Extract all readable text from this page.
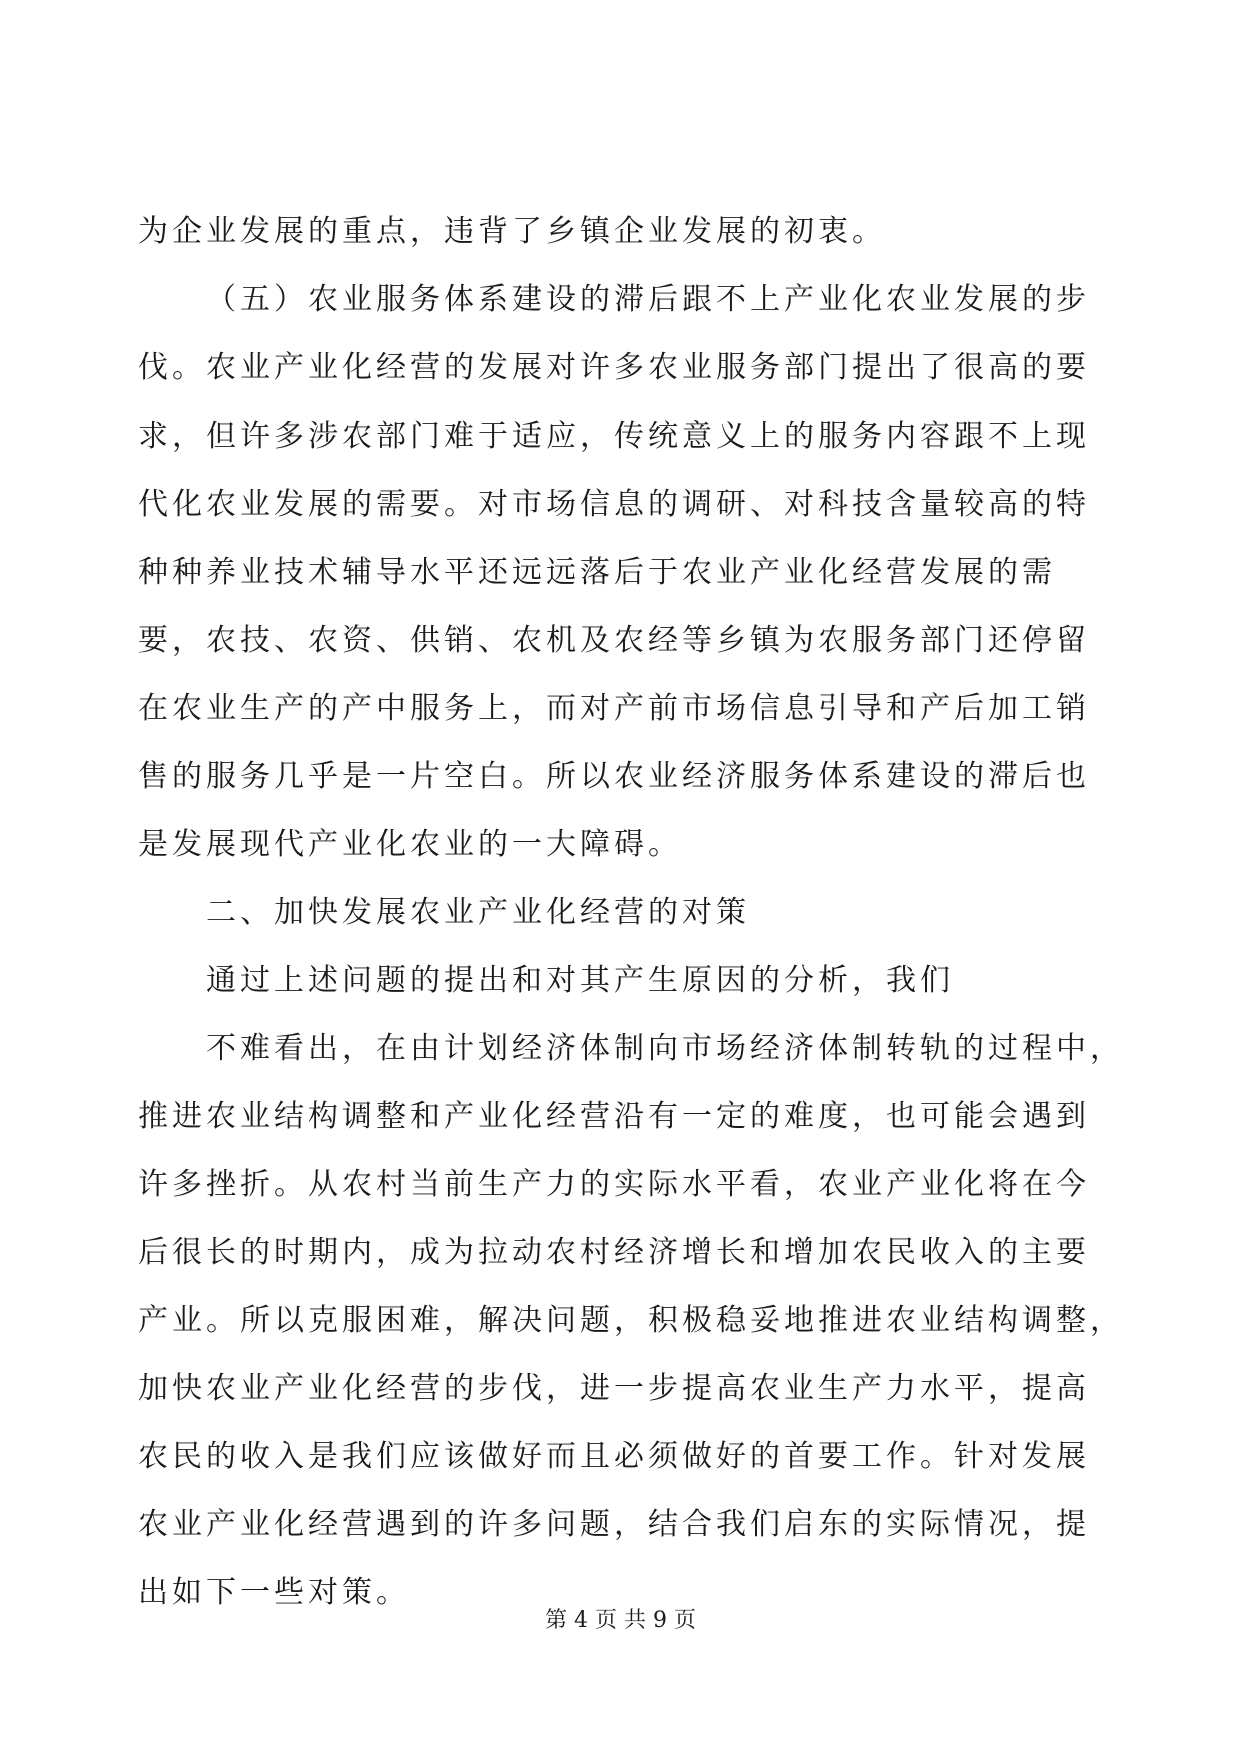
为企业发展的重点，违背了乡镇企业发展的初衷。
（五）农业服务体系建设的滞后跟不上产业化农业发展的步
伐。农业产业化经营的发展对许多农业服务部门提出了很高的要
求，但许多涉农部门难于适应，传统意义上的服务内容跟不上现
代化农业发展的需要。对市场信息的调研、对科技含量较高的特
种种养业技术辅导水平还远远落后于农业产业化经营发展的需
要，农技、农资、供销、农机及农经等乡镇为农服务部门还停留
在农业生产的产中服务上，而对产前市场信息引导和产后加工销
售的服务几乎是一片空白。所以农业经济服务体系建设的滞后也
是发展现代产业化农业的一大障碍。
二、加快发展农业产业化经营的对策
通过上述问题的提出和对其产生原因的分析，我们
不难看出，在由计划经济体制向市场经济体制转轨的过程中，
推进农业结构调整和产业化经营沿有一定的难度，也可能会遇到
许多挫折。从农村当前生产力的实际水平看，农业产业化将在今
后很长的时期内，成为拉动农村经济增长和增加农民收入的主要
产业。所以克服困难，解决问题，积极稳妥地推进农业结构调整，
加快农业产业化经营的步伐，进一步提高农业生产力水平，提高
农民的收入是我们应该做好而且必须做好的首要工作。针对发展
农业产业化经营遇到的许多问题，结合我们启东的实际情况，提
出如下一些对策。
第 4 页 共 9 页
